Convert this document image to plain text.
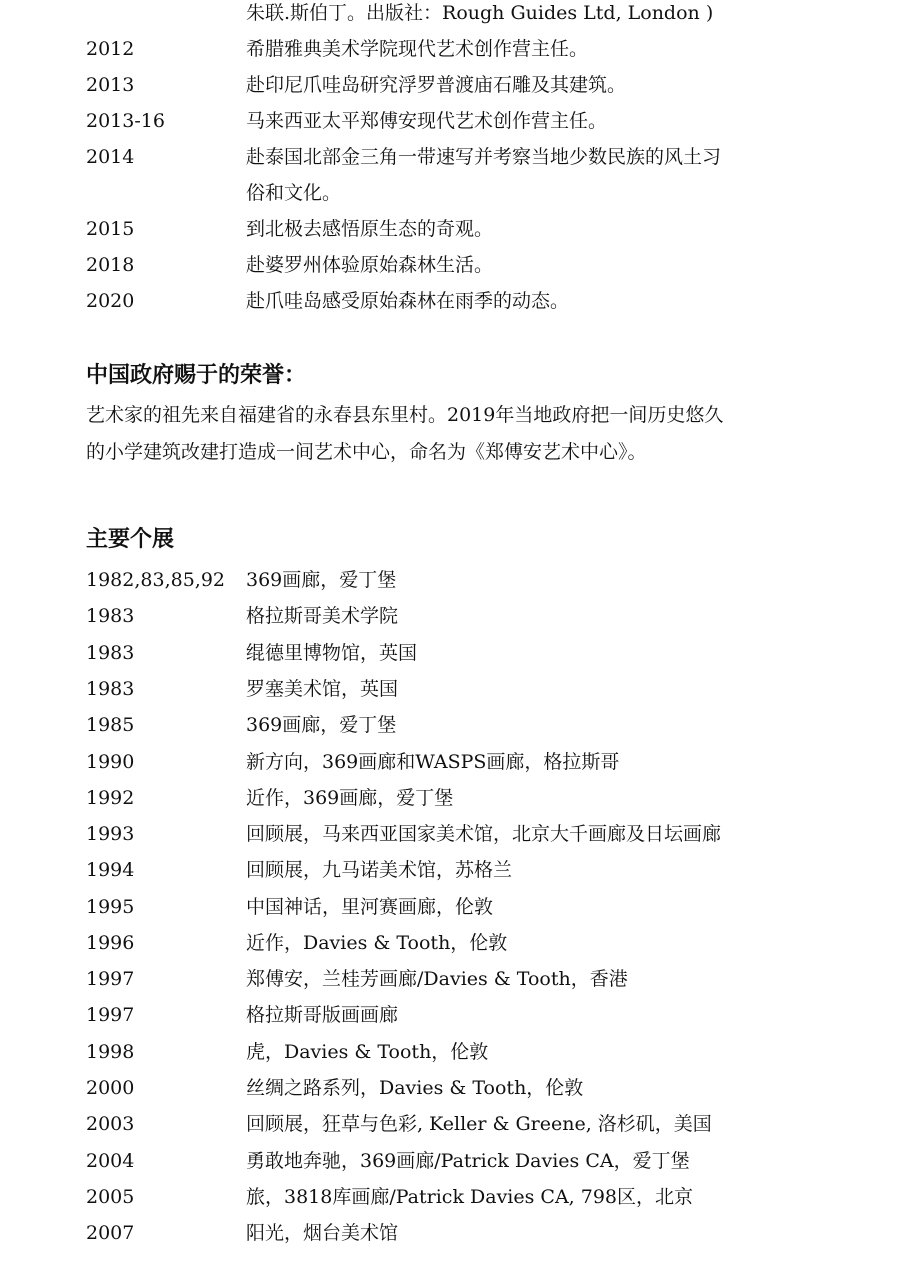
朱联.斯伯丁。出版社：Rough Guides Ltd, London )
2012	希腊雅典美术学院现代艺术创作营主任。
2013	赴印尼爪哇岛研究浮罗普渡庙石雕及其建筑。
2013-16	马来西亚太平郑傅安现代艺术创作营主任。
2014	赴泰国北部金三角一带速写并考察当地少数民族的风土习
俗和文化。
2015	到北极去感悟原生态的奇观。
2018	赴婆罗州体验原始森林生活。
2020	赴爪哇岛感受原始森林在雨季的动态。
中国政府赐于的荣誉：
艺术家的祖先来自福建省的永春县东里村。2019年当地政府把一间历史悠久
的小学建筑改建打造成一间艺术中心，命名为《郑傅安艺术中心》。
主要个展
1982,83,85,92 369画廊，爱丁堡
1983	格拉斯哥美术学院
1983	绲德里博物馆，英国
1983	罗塞美术馆，英国
1985	369画廊，爱丁堡
1990	新方向，369画廊和WASPS画廊，格拉斯哥
1992	近作，369画廊，爱丁堡
1993	回顾展，马来西亚国家美术馆，北京大千画廊及日坛画廊
1994	回顾展，九马诺美术馆，苏格兰
1995	中国神话，里河赛画廊，伦敦
1996	近作，Davies & Tooth，伦敦
1997	郑傅安，兰桂芳画廊/Davies & Tooth，香港
1997	格拉斯哥版画画廊
1998	虎，Davies & Tooth，伦敦
2000	丝绸之路系列，Davies & Tooth，伦敦
2003	回顾展，狂草与色彩, Keller & Greene, 洛杉矶，美国
2004	勇敢地奔驰，369画廊/Patrick Davies CA，爱丁堡
2005	旅，3818库画廊/Patrick Davies CA, 798区，北京
2007	阳光，烟台美术馆
